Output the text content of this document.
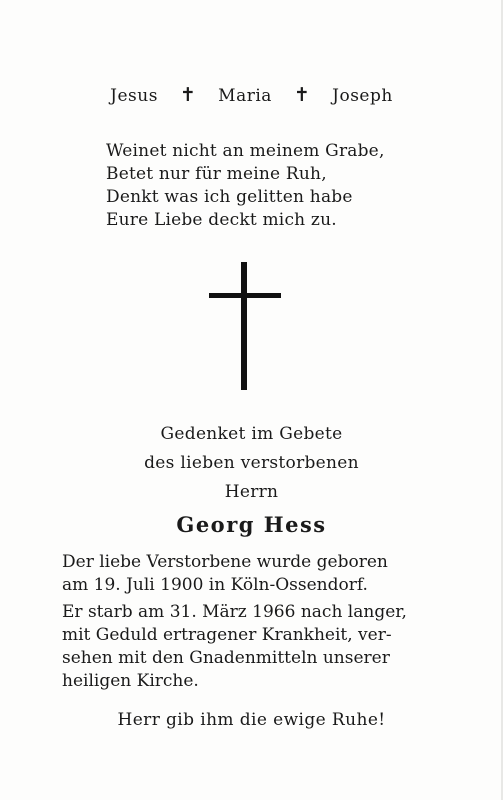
Jesus ✝ Maria ✝ Joseph
Weinet nicht an meinem Grabe,
Betet nur für meine Ruh,
Denkt was ich gelitten habe
Eure Liebe deckt mich zu.
Gedenket im Gebete
des lieben verstorbenen
Herrn
Georg Hess
Der liebe Verstorbene wurde geboren
am 19. Juli 1900 in Köln-Ossendorf.
Er starb am 31. März 1966 nach langer,
mit Geduld ertragener Krankheit, ver-
sehen mit den Gnadenmitteln unserer
heiligen Kirche.
Herr gib ihm die ewige Ruhe!
